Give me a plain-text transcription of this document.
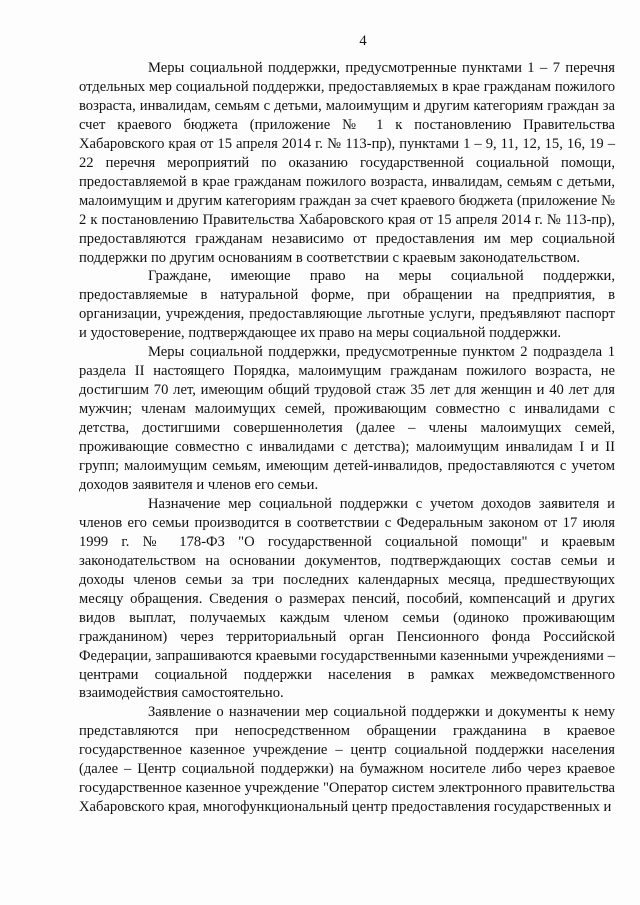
4

Меры социальной поддержки, предусмотренные пунктами 1 – 7 перечня отдельных мер социальной поддержки, предоставляемых в крае гражданам пожилого возраста, инвалидам, семьям с детьми, малоимущим и другим категориям граждан за счет краевого бюджета (приложение № 1 к постановлению Правительства Хабаровского края от 15 апреля 2014 г. № 113-пр), пунктами 1 – 9, 11, 12, 15, 16, 19 – 22 перечня мероприятий по оказанию государственной социальной помощи, предоставляемой в крае гражданам пожилого возраста, инвалидам, семьям с детьми, малоимущим и другим категориям граждан за счет краевого бюджета (приложение № 2 к постановлению Правительства Хабаровского края от 15 апреля 2014 г. № 113-пр), предоставляются гражданам независимо от предоставления им мер социальной поддержки по другим основаниям в соответствии с краевым законодательством.

Граждане, имеющие право на меры социальной поддержки, предоставляемые в натуральной форме, при обращении на предприятия, в организации, учреждения, предоставляющие льготные услуги, предъявляют паспорт и удостоверение, подтверждающее их право на меры социальной поддержки.

Меры социальной поддержки, предусмотренные пунктом 2 подраздела 1 раздела II настоящего Порядка, малоимущим гражданам пожилого возраста, не достигшим 70 лет, имеющим общий трудовой стаж 35 лет для женщин и 40 лет для мужчин; членам малоимущих семей, проживающим совместно с инвалидами с детства, достигшими совершеннолетия (далее – члены малоимущих семей, проживающие совместно с инвалидами с детства); малоимущим инвалидам I и II групп; малоимущим семьям, имеющим детей-инвалидов, предоставляются с учетом доходов заявителя и членов его семьи.

Назначение мер социальной поддержки с учетом доходов заявителя и членов его семьи производится в соответствии с Федеральным законом от 17 июля 1999 г. № 178-ФЗ "О государственной социальной помощи" и краевым законодательством на основании документов, подтверждающих состав семьи и доходы членов семьи за три последних календарных месяца, предшествующих месяцу обращения. Сведения о размерах пенсий, пособий, компенсаций и других видов выплат, получаемых каждым членом семьи (одиноко проживающим гражданином) через территориальный орган Пенсионного фонда Российской Федерации, запрашиваются краевыми государственными казенными учреждениями – центрами социальной поддержки населения в рамках межведомственного взаимодействия самостоятельно.

Заявление о назначении мер социальной поддержки и документы к нему представляются при непосредственном обращении гражданина в краевое государственное казенное учреждение – центр социальной поддержки населения (далее – Центр социальной поддержки) на бумажном носителе либо через краевое государственное казенное учреждение "Оператор систем электронного правительства Хабаровского края, многофункциональный центр предоставления государственных и
